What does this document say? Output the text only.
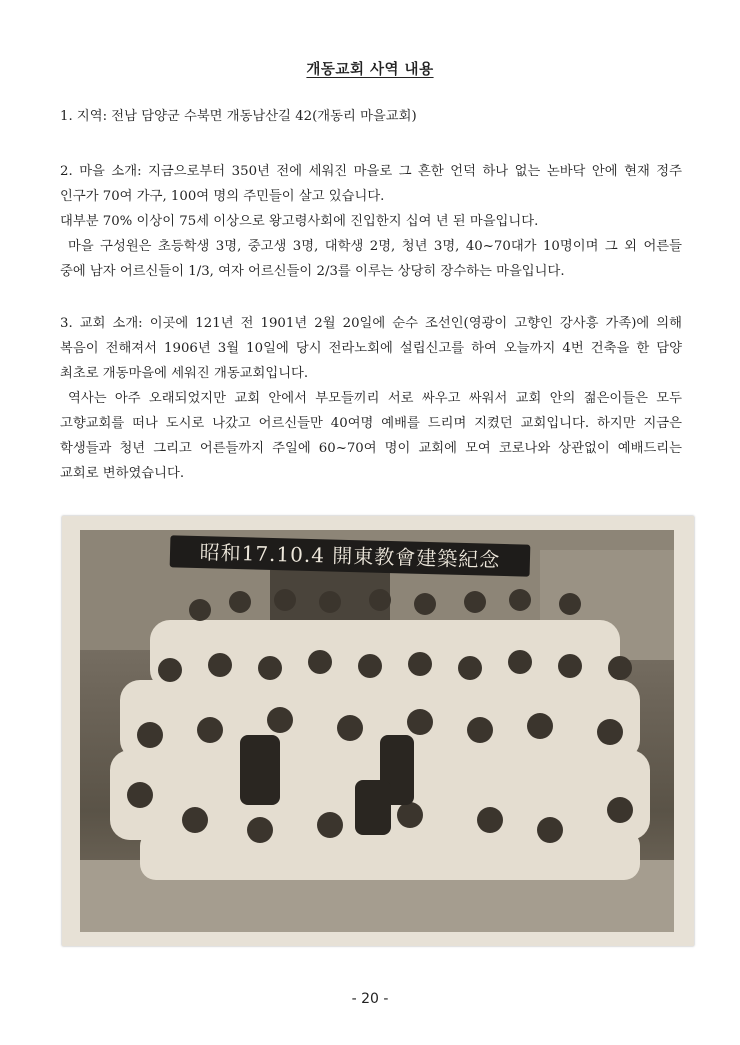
개동교회 사역 내용
1. 지역: 전남 담양군 수북면 개동남산길 42(개동리 마을교회)
2. 마을 소개: 지금으로부터 350년 전에 세워진 마을로 그 흔한 언덕 하나 없는 논바닥 안에 현재 정주
인구가 70여 가구, 100여 명의 주민들이 살고 있습니다.
대부분 70% 이상이 75세 이상으로 왕고령사회에 진입한지 십여 년 된 마을입니다.
마을 구성원은 초등학생 3명, 중고생 3명, 대학생 2명, 청년 3명, 40~70대가 10명이며 그 외 어른들
중에 남자 어르신들이 1/3, 여자 어르신들이 2/3를 이루는 상당히 장수하는 마을입니다.
3. 교회 소개: 이곳에 121년 전 1901년 2월 20일에 순수 조선인(영광이 고향인 강사흥 가족)에 의해
복음이 전해져서 1906년 3월 10일에 당시 전라노회에 설립신고를 하여 오늘까지 4번 건축을 한 담양
최초로 개동마을에 세워진 개동교회입니다.
역사는 아주 오래되었지만 교회 안에서 부모들끼리 서로 싸우고 싸워서 교회 안의 젊은이들은 모두
고향교회를 떠나 도시로 나갔고 어르신들만 40여명 예배를 드리며 지켰던 교회입니다. 하지만 지금은
학생들과 청년 그리고 어른들까지 주일에 60~70여 명이 교회에 모여 코로나와 상관없이 예배드리는
교회로 변하였습니다.
昭和17.10.4 開東教會建築紀念
- 20 -
